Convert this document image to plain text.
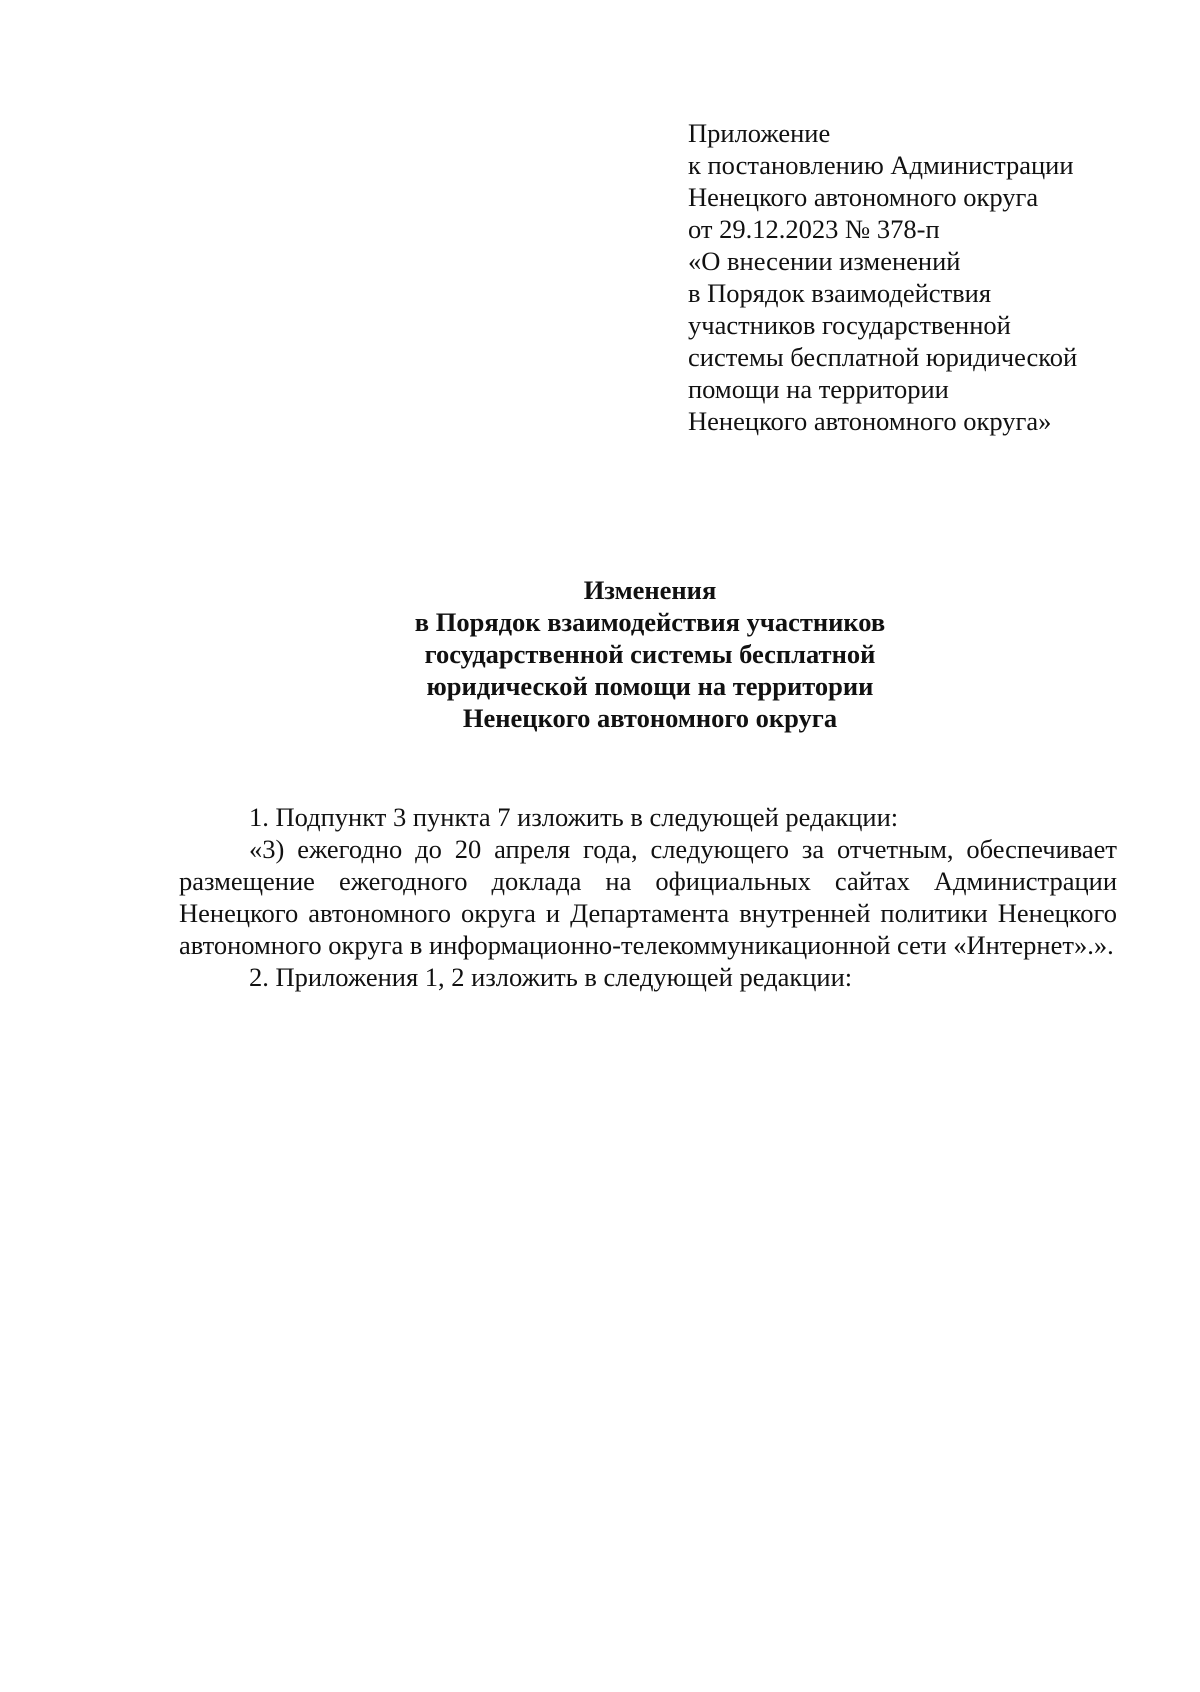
Приложение
к постановлению Администрации
Ненецкого автономного округа
от 29.12.2023 № 378-п
«О внесении изменений
в Порядок взаимодействия
участников государственной
системы бесплатной юридической
помощи на территории
Ненецкого автономного округа»
Изменения
в Порядок взаимодействия участников
государственной системы бесплатной
юридической помощи на территории
Ненецкого автономного округа

1. Подпункт 3 пункта 7 изложить в следующей редакции:

«3) ежегодно до 20 апреля года, следующего за отчетным, обеспечивает размещение ежегодного доклада на официальных сайтах Администрации Ненецкого автономного округа и Департамента внутренней политики Ненецкого автономного округа в информационно-телекоммуникационной сети «Интернет».».

2. Приложения 1, 2 изложить в следующей редакции:
